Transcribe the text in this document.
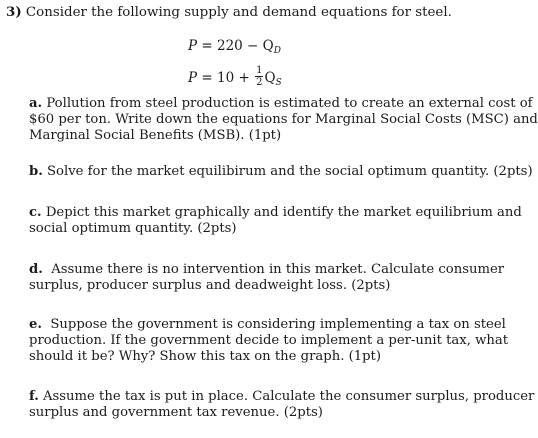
3) Consider the following supply and demand equations for steel.
$P = 220 - Q_D$
$P = 10 + \frac{1}{2} Q_S$
a. Pollution from steel production is estimated to create an external cost of
$60 per ton. Write down the equations for Marginal Social Costs (MSC) and
Marginal Social Benefits (MSB). (1pt)
b. Solve for the market equilibirum and the social optimum quantity. (2pts)
c. Depict this market graphically and identify the market equilibrium and
social optimum quantity. (2pts)
d. Assume there is no intervention in this market. Calculate consumer
surplus, producer surplus and deadweight loss. (2pts)
e. Suppose the government is considering implementing a tax on steel
production. If the government decide to implement a per-unit tax, what
should it be? Why? Show this tax on the graph. (1pt)
f. Assume the tax is put in place. Calculate the consumer surplus, producer
surplus and government tax revenue. (2pts)
